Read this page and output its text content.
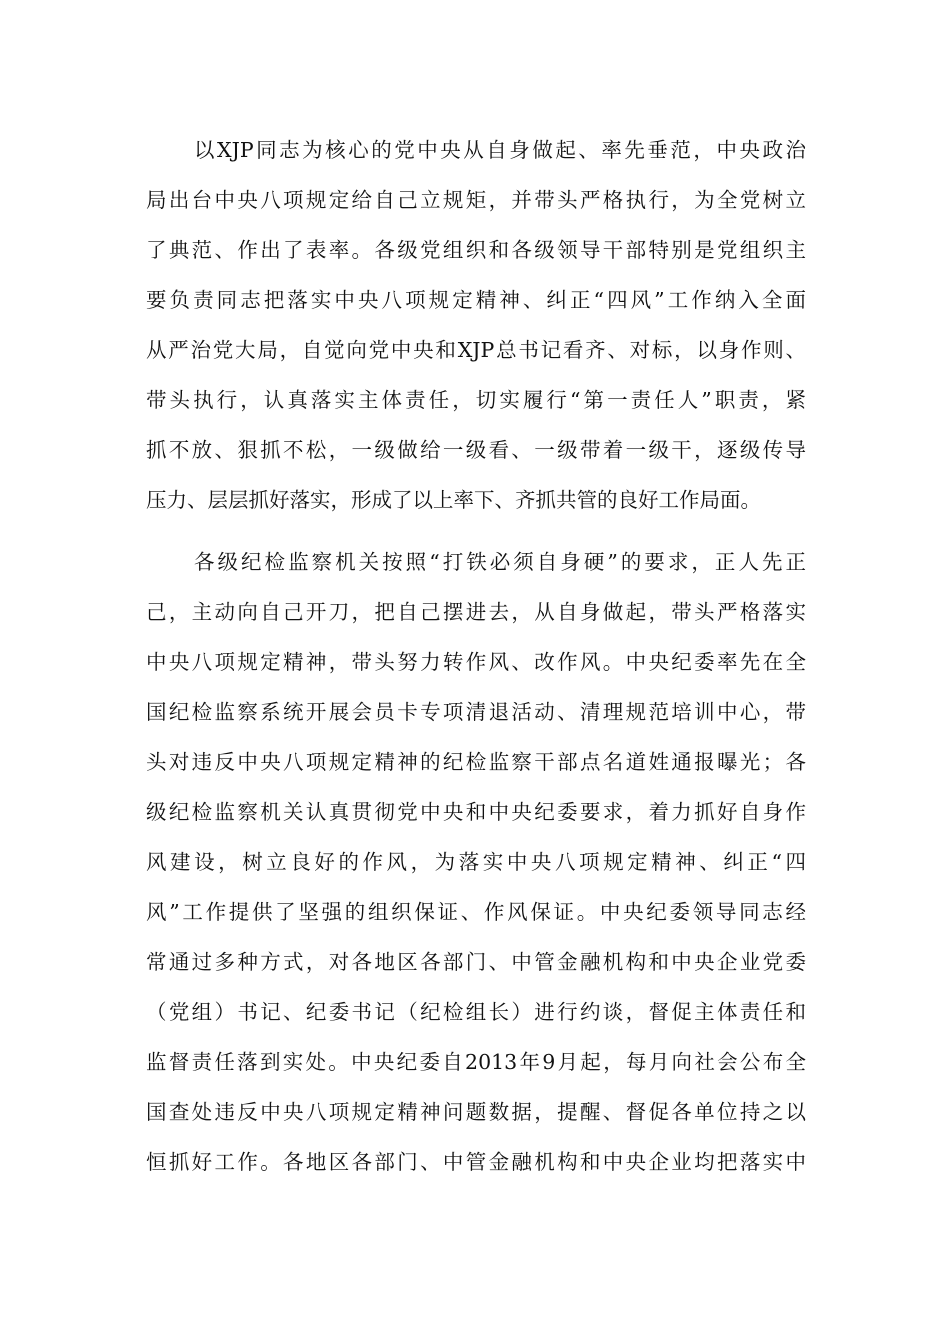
以XJP同志为核心的党中央从自身做起、率先垂范，中央政治
局出台中央八项规定给自己立规矩，并带头严格执行，为全党树立
了典范、作出了表率。各级党组织和各级领导干部特别是党组织主
要负责同志把落实中央八项规定精神、纠正“四风”工作纳入全面
从严治党大局，自觉向党中央和XJP总书记看齐、对标，以身作则、
带头执行，认真落实主体责任，切实履行“第一责任人”职责，紧
抓不放、狠抓不松，一级做给一级看、一级带着一级干，逐级传导
压力、层层抓好落实，形成了以上率下、齐抓共管的良好工作局面。
各级纪检监察机关按照“打铁必须自身硬”的要求，正人先正
己，主动向自己开刀，把自己摆进去，从自身做起，带头严格落实
中央八项规定精神，带头努力转作风、改作风。中央纪委率先在全
国纪检监察系统开展会员卡专项清退活动、清理规范培训中心，带
头对违反中央八项规定精神的纪检监察干部点名道姓通报曝光；各
级纪检监察机关认真贯彻党中央和中央纪委要求，着力抓好自身作
风建设，树立良好的作风，为落实中央八项规定精神、纠正“四
风”工作提供了坚强的组织保证、作风保证。中央纪委领导同志经
常通过多种方式，对各地区各部门、中管金融机构和中央企业党委
（党组）书记、纪委书记（纪检组长）进行约谈，督促主体责任和
监督责任落到实处。中央纪委自2013年9月起，每月向社会公布全
国查处违反中央八项规定精神问题数据，提醒、督促各单位持之以
恒抓好工作。各地区各部门、中管金融机构和中央企业均把落实中
